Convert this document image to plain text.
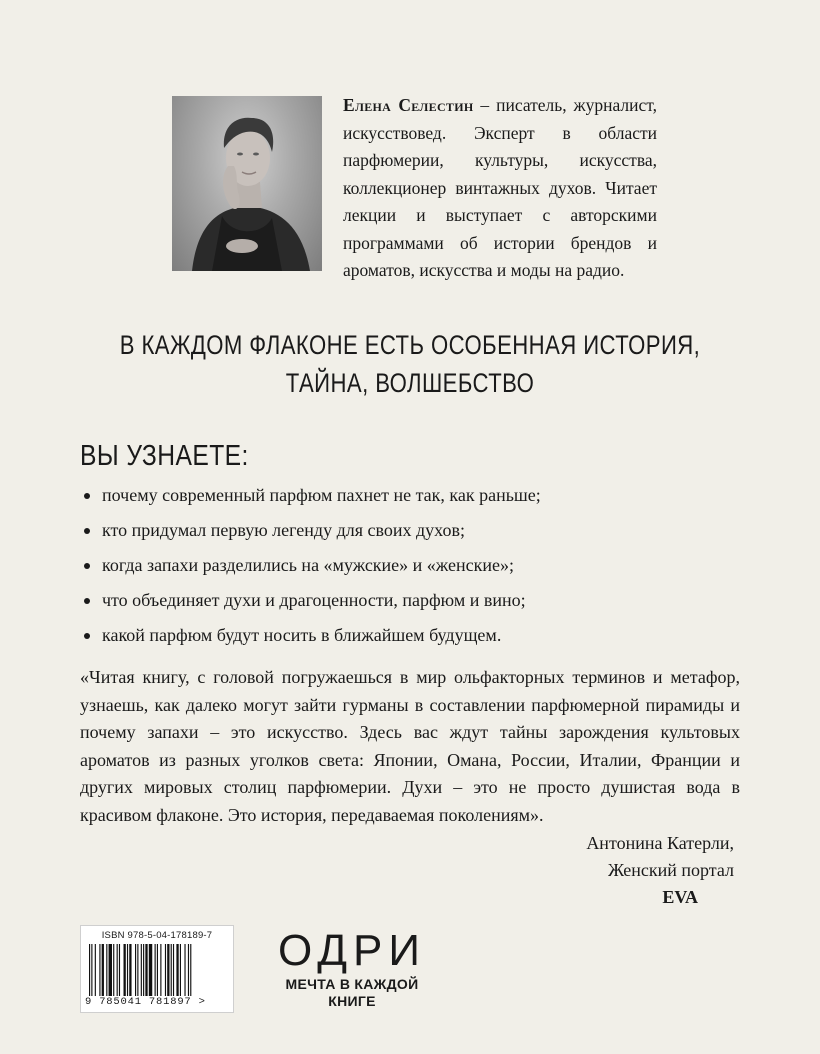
Елена Селестин – писатель, журналист, искусствовед. Эксперт в области парфюмерии, культуры, искусства, коллекционер винтажных духов. Читает лекции и выступает с авторскими программами об истории брендов и ароматов, искусства и моды на радио.
В КАЖДОМ ФЛАКОНЕ ЕСТЬ ОСОБЕННАЯ ИСТОРИЯ,
ТАЙНА, ВОЛШЕБСТВО
ВЫ УЗНАЕТЕ:
почему современный парфюм пахнет не так, как раньше;
кто придумал первую легенду для своих духов;
когда запахи разделились на «мужские» и «женские»;
что объединяет духи и драгоценности, парфюм и вино;
какой парфюм будут носить в ближайшем будущем.
«Читая книгу, с головой погружаешься в мир ольфакторных терминов и метафор, узнаешь, как далеко могут зайти гурманы в составлении парфюмерной пирамиды и почему запахи – это искусство. Здесь вас ждут тайны зарождения культовых ароматов из разных уголков света: Японии, Омана, России, Италии, Франции и других мировых столиц парфюмерии. Духи – это не просто душистая вода в красивом флаконе. Это история, передаваемая поколениям».
Антонина Катерли,
Женский портал
EVA
ISBN 978-5-04-178189-7
9 785041 781897 >
ОДРИ
МЕЧТА В КАЖДОЙ
КНИГЕ
